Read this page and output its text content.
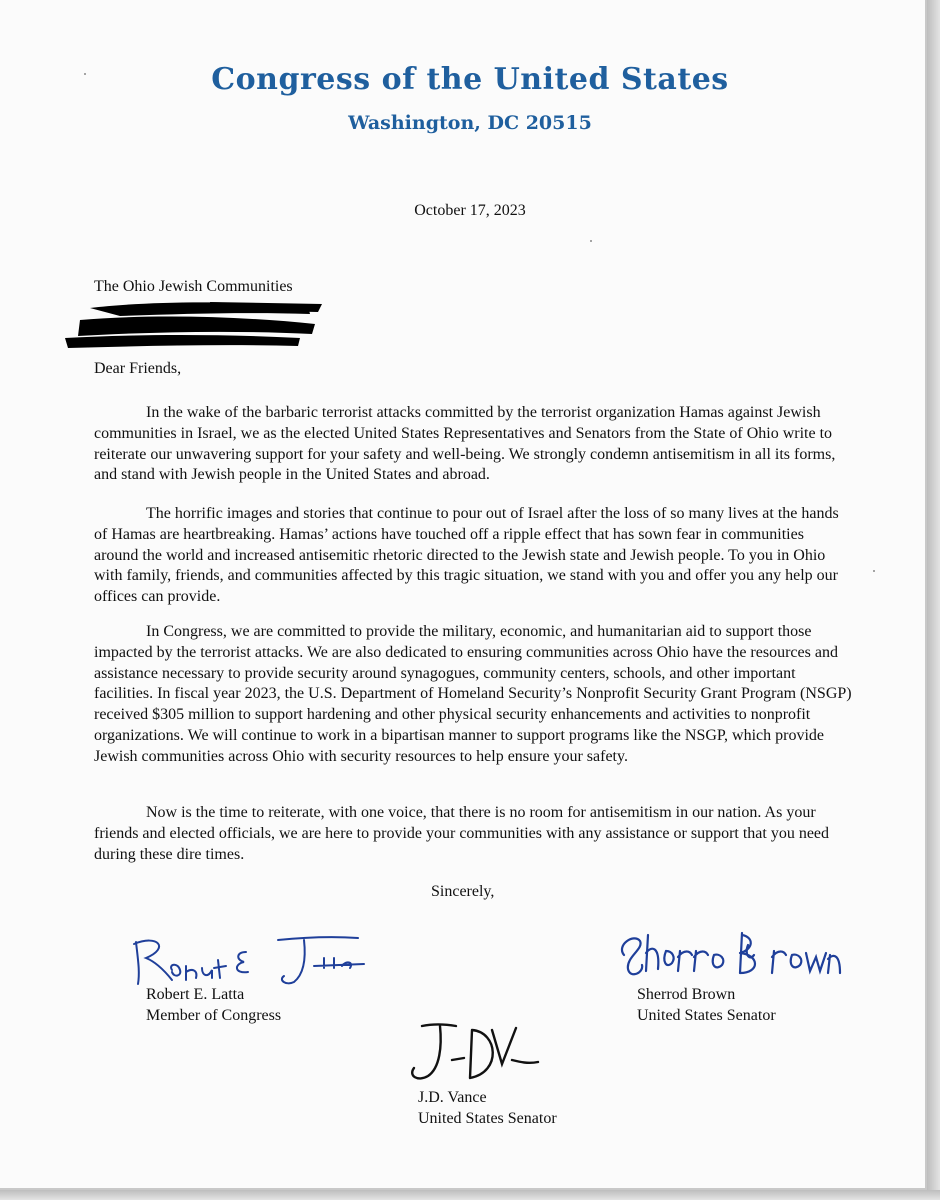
Congress of the United States
Washington, DC 20515
October 17, 2023
The Ohio Jewish Communities
Dear Friends,
In the wake of the barbaric terrorist attacks committed by the terrorist organization Hamas against Jewish communities in Israel, we as the elected United States Representatives and Senators from the State of Ohio write to reiterate our unwavering support for your safety and well-being. We strongly condemn antisemitism in all its forms, and stand with Jewish people in the United States and abroad.
The horrific images and stories that continue to pour out of Israel after the loss of so many lives at the hands of Hamas are heartbreaking. Hamas’ actions have touched off a ripple effect that has sown fear in communities around the world and increased antisemitic rhetoric directed to the Jewish state and Jewish people. To you in Ohio with family, friends, and communities affected by this tragic situation, we stand with you and offer you any help our offices can provide.
In Congress, we are committed to provide the military, economic, and humanitarian aid to support those impacted by the terrorist attacks. We are also dedicated to ensuring communities across Ohio have the resources and assistance necessary to provide security around synagogues, community centers, schools, and other important facilities. In fiscal year 2023, the U.S. Department of Homeland Security’s Nonprofit Security Grant Program (NSGP) received $305 million to support hardening and other physical security enhancements and activities to nonprofit organizations. We will continue to work in a bipartisan manner to support programs like the NSGP, which provide Jewish communities across Ohio with security resources to help ensure your safety.
Now is the time to reiterate, with one voice, that there is no room for antisemitism in our nation. As your friends and elected officials, we are here to provide your communities with any assistance or support that you need during these dire times.
Sincerely,
Robert E. Latta
Member of Congress
Sherrod Brown
United States Senator
J.D. Vance
United States Senator
